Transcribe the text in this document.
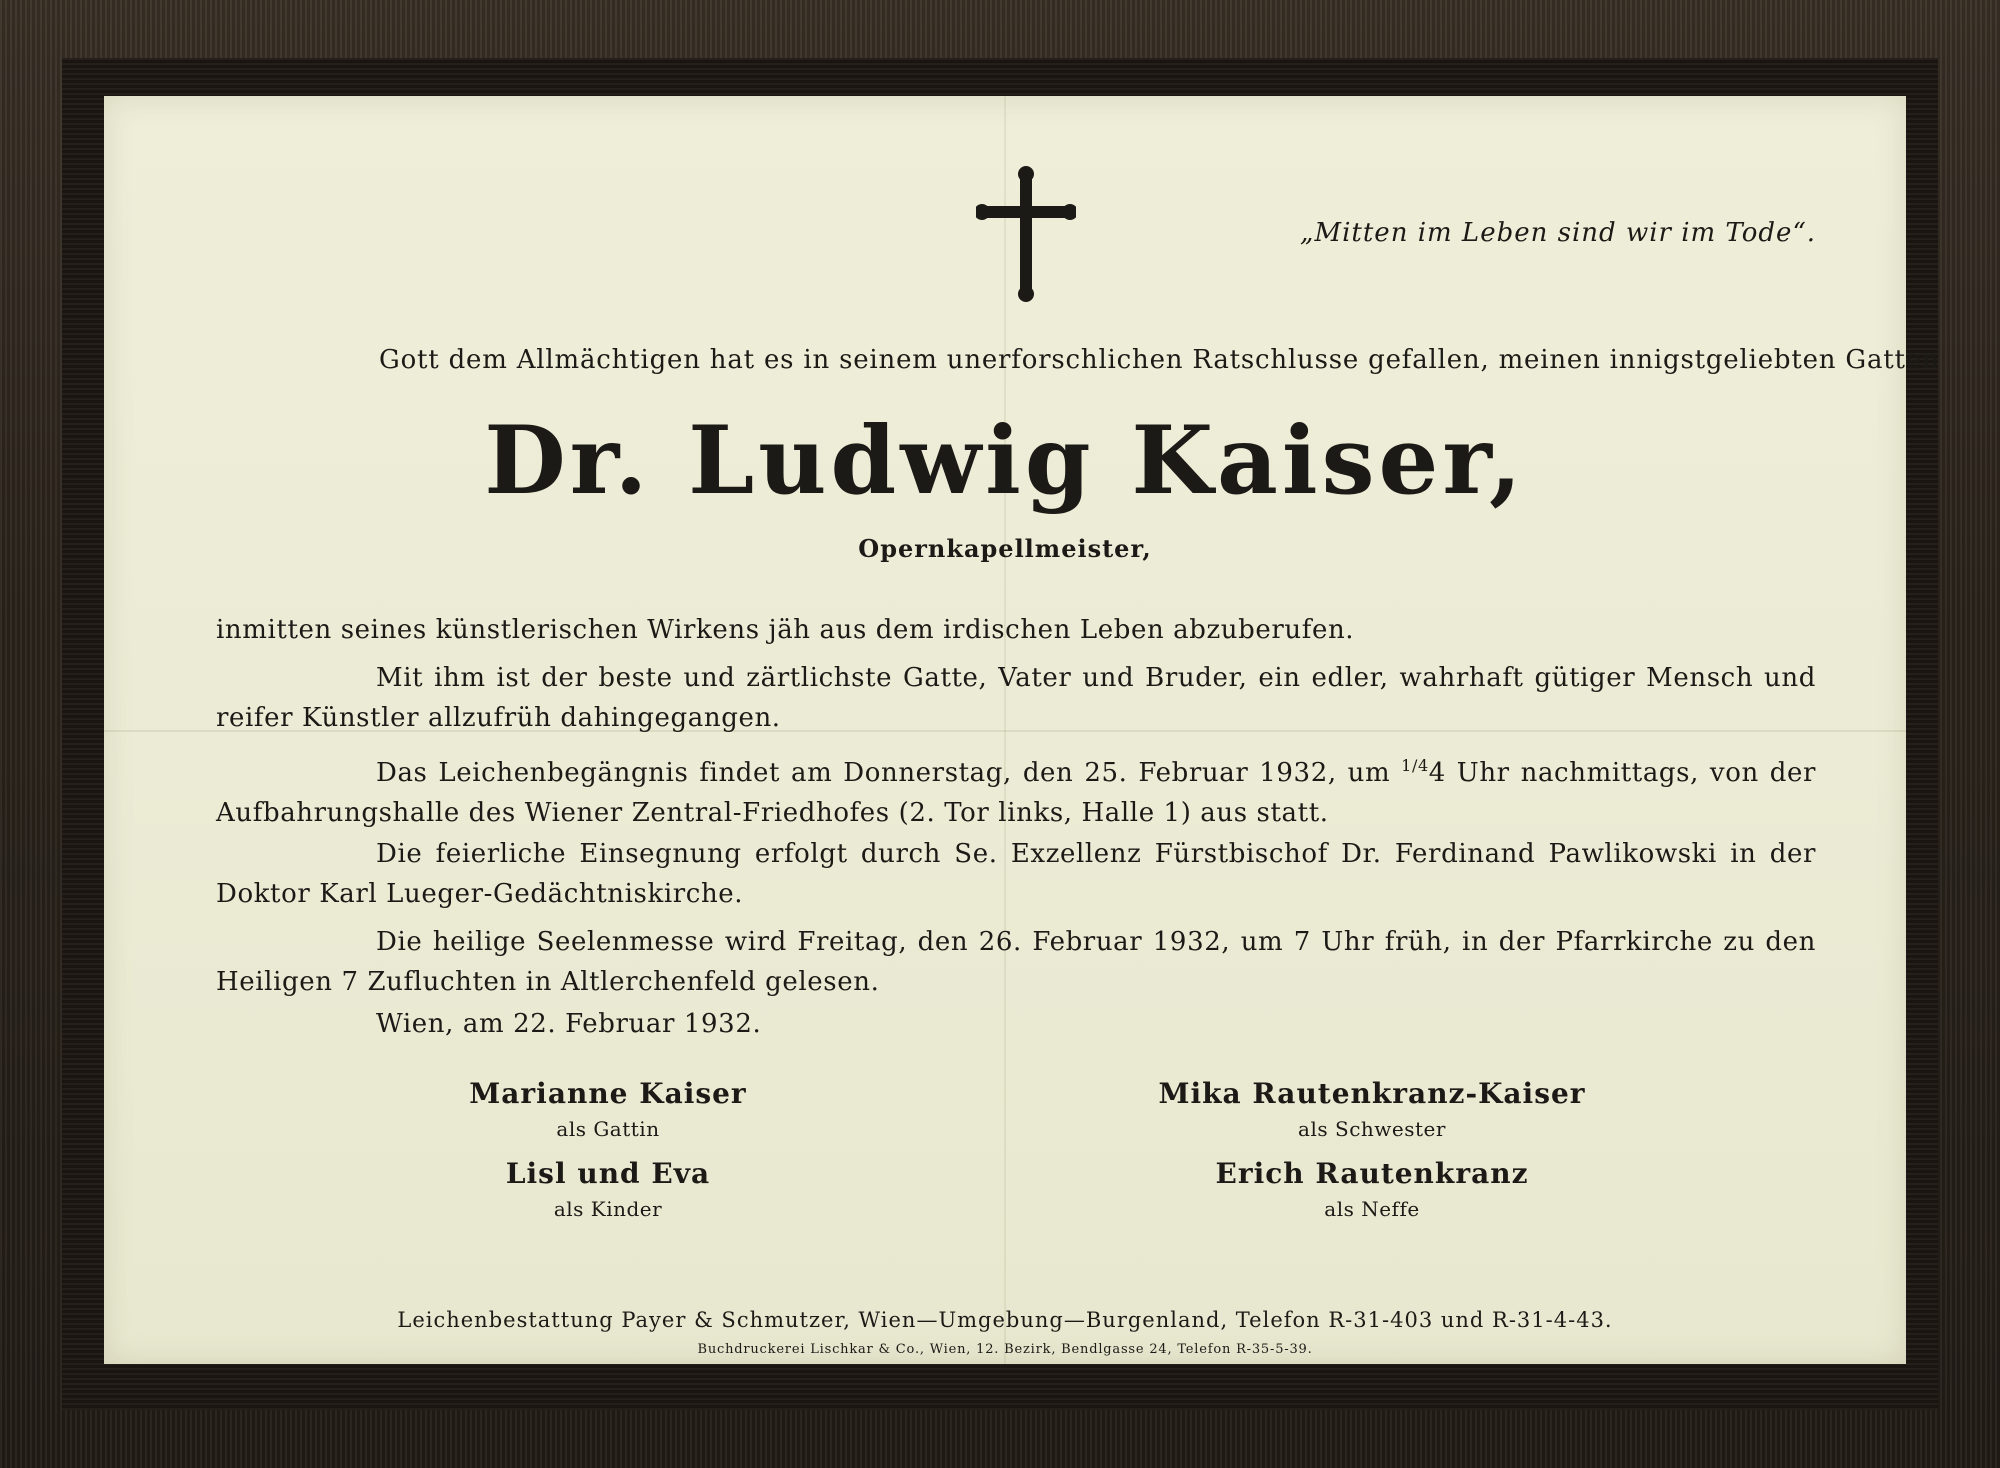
„Mitten im Leben sind wir im Tode“.
Gott dem Allmächtigen hat es in seinem unerforschlichen Ratschlusse gefallen, meinen innigstgeliebten Gatten
Dr. Ludwig Kaiser,
Opernkapellmeister,
inmitten seines künstlerischen Wirkens jäh aus dem irdischen Leben abzuberufen.
Mit ihm ist der beste und zärtlichste Gatte, Vater und Bruder, ein edler, wahrhaft gütiger Mensch und reifer Künstler allzufrüh dahingegangen.
Das Leichenbegängnis findet am Donnerstag, den 25. Februar 1932, um $^{1/4}$4 Uhr nachmittags, von der Aufbahrungshalle des Wiener Zentral-Friedhofes (2. Tor links, Halle 1) aus statt.
Die feierliche Einsegnung erfolgt durch Se. Exzellenz Fürstbischof Dr. Ferdinand Pawlikowski in der Doktor Karl Lueger-Gedächtniskirche.
Die heilige Seelenmesse wird Freitag, den 26. Februar 1932, um 7 Uhr früh, in der Pfarrkirche zu den Heiligen 7 Zufluchten in Altlerchenfeld gelesen.
Wien, am 22. Februar 1932.
Marianne Kaiser
als Gattin
Lisl und Eva
als Kinder
Mika Rautenkranz-Kaiser
als Schwester
Erich Rautenkranz
als Neffe
Leichenbestattung Payer & Schmutzer, Wien—Umgebung—Burgenland, Telefon R-31-403 und R-31-4-43.
Buchdruckerei Lischkar & Co., Wien, 12. Bezirk, Bendlgasse 24, Telefon R-35-5-39.
